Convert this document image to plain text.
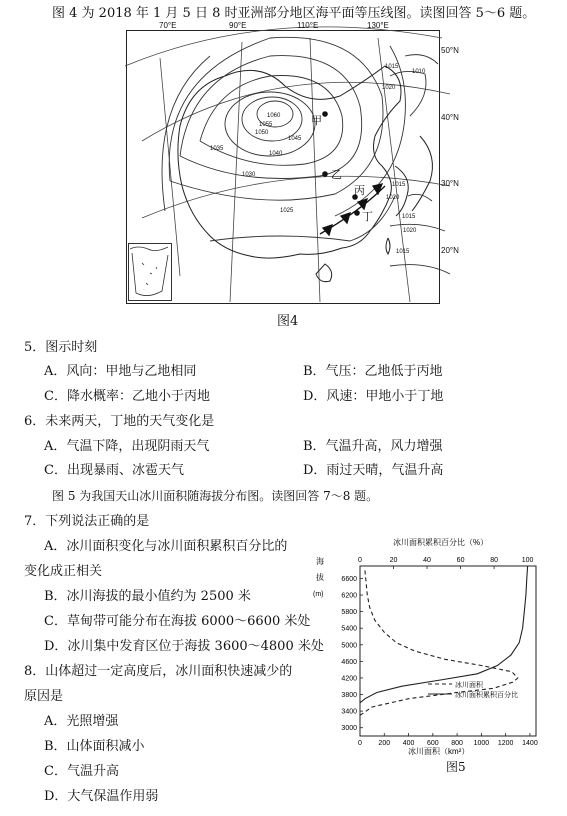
图 4 为 2018 年 1 月 5 日 8 时亚洲部分地区海平面等压线图。读图回答 5～6 题。
70°E	90°E	110°E	130°E
50°N
40°N
30°N
20°N
1060
1055
1050
1045
1040
1035
1030
1025
1020
1015
1010
1015
1020
1015
1020
1015
甲
乙
丙
丁
图4
5．图示时刻
A．风向：甲地与乙地相同	B．气压：乙地低于丙地
C．降水概率：乙地小于丙地	D．风速：甲地小于丁地
6．未来两天，丁地的天气变化是
A．气温下降，出现阴雨天气	B．气温升高，风力增强
C．出现暴雨、冰雹天气	D．雨过天晴，气温升高
图 5 为我国天山冰川面积随海拔分布图。读图回答 7～8 题。
7．下列说法正确的是
A．冰川面积变化与冰川面积累积百分比的
变化成正相关
B．冰川海拔的最小值约为 2500 米
C．草甸带可能分布在海拔 6000～6600 米处
D．冰川集中发育区位于海拔 3600～4800 米处
8．山体超过一定高度后，冰川面积快速减少的
原因是
A．光照增强
B．山体面积减小
C．气温升高
D．大气保温作用弱
冰川面积累积百分比（%）
海
拔
(m)
0 200 400 600 800 1000 1200 1400
0	20	40	60	80	100
3000
3400
3800
4200
4600
5000
5400
5800
6200
6600
冰川面积
冰川面积累积百分比
冰川面积（km²）
图5
